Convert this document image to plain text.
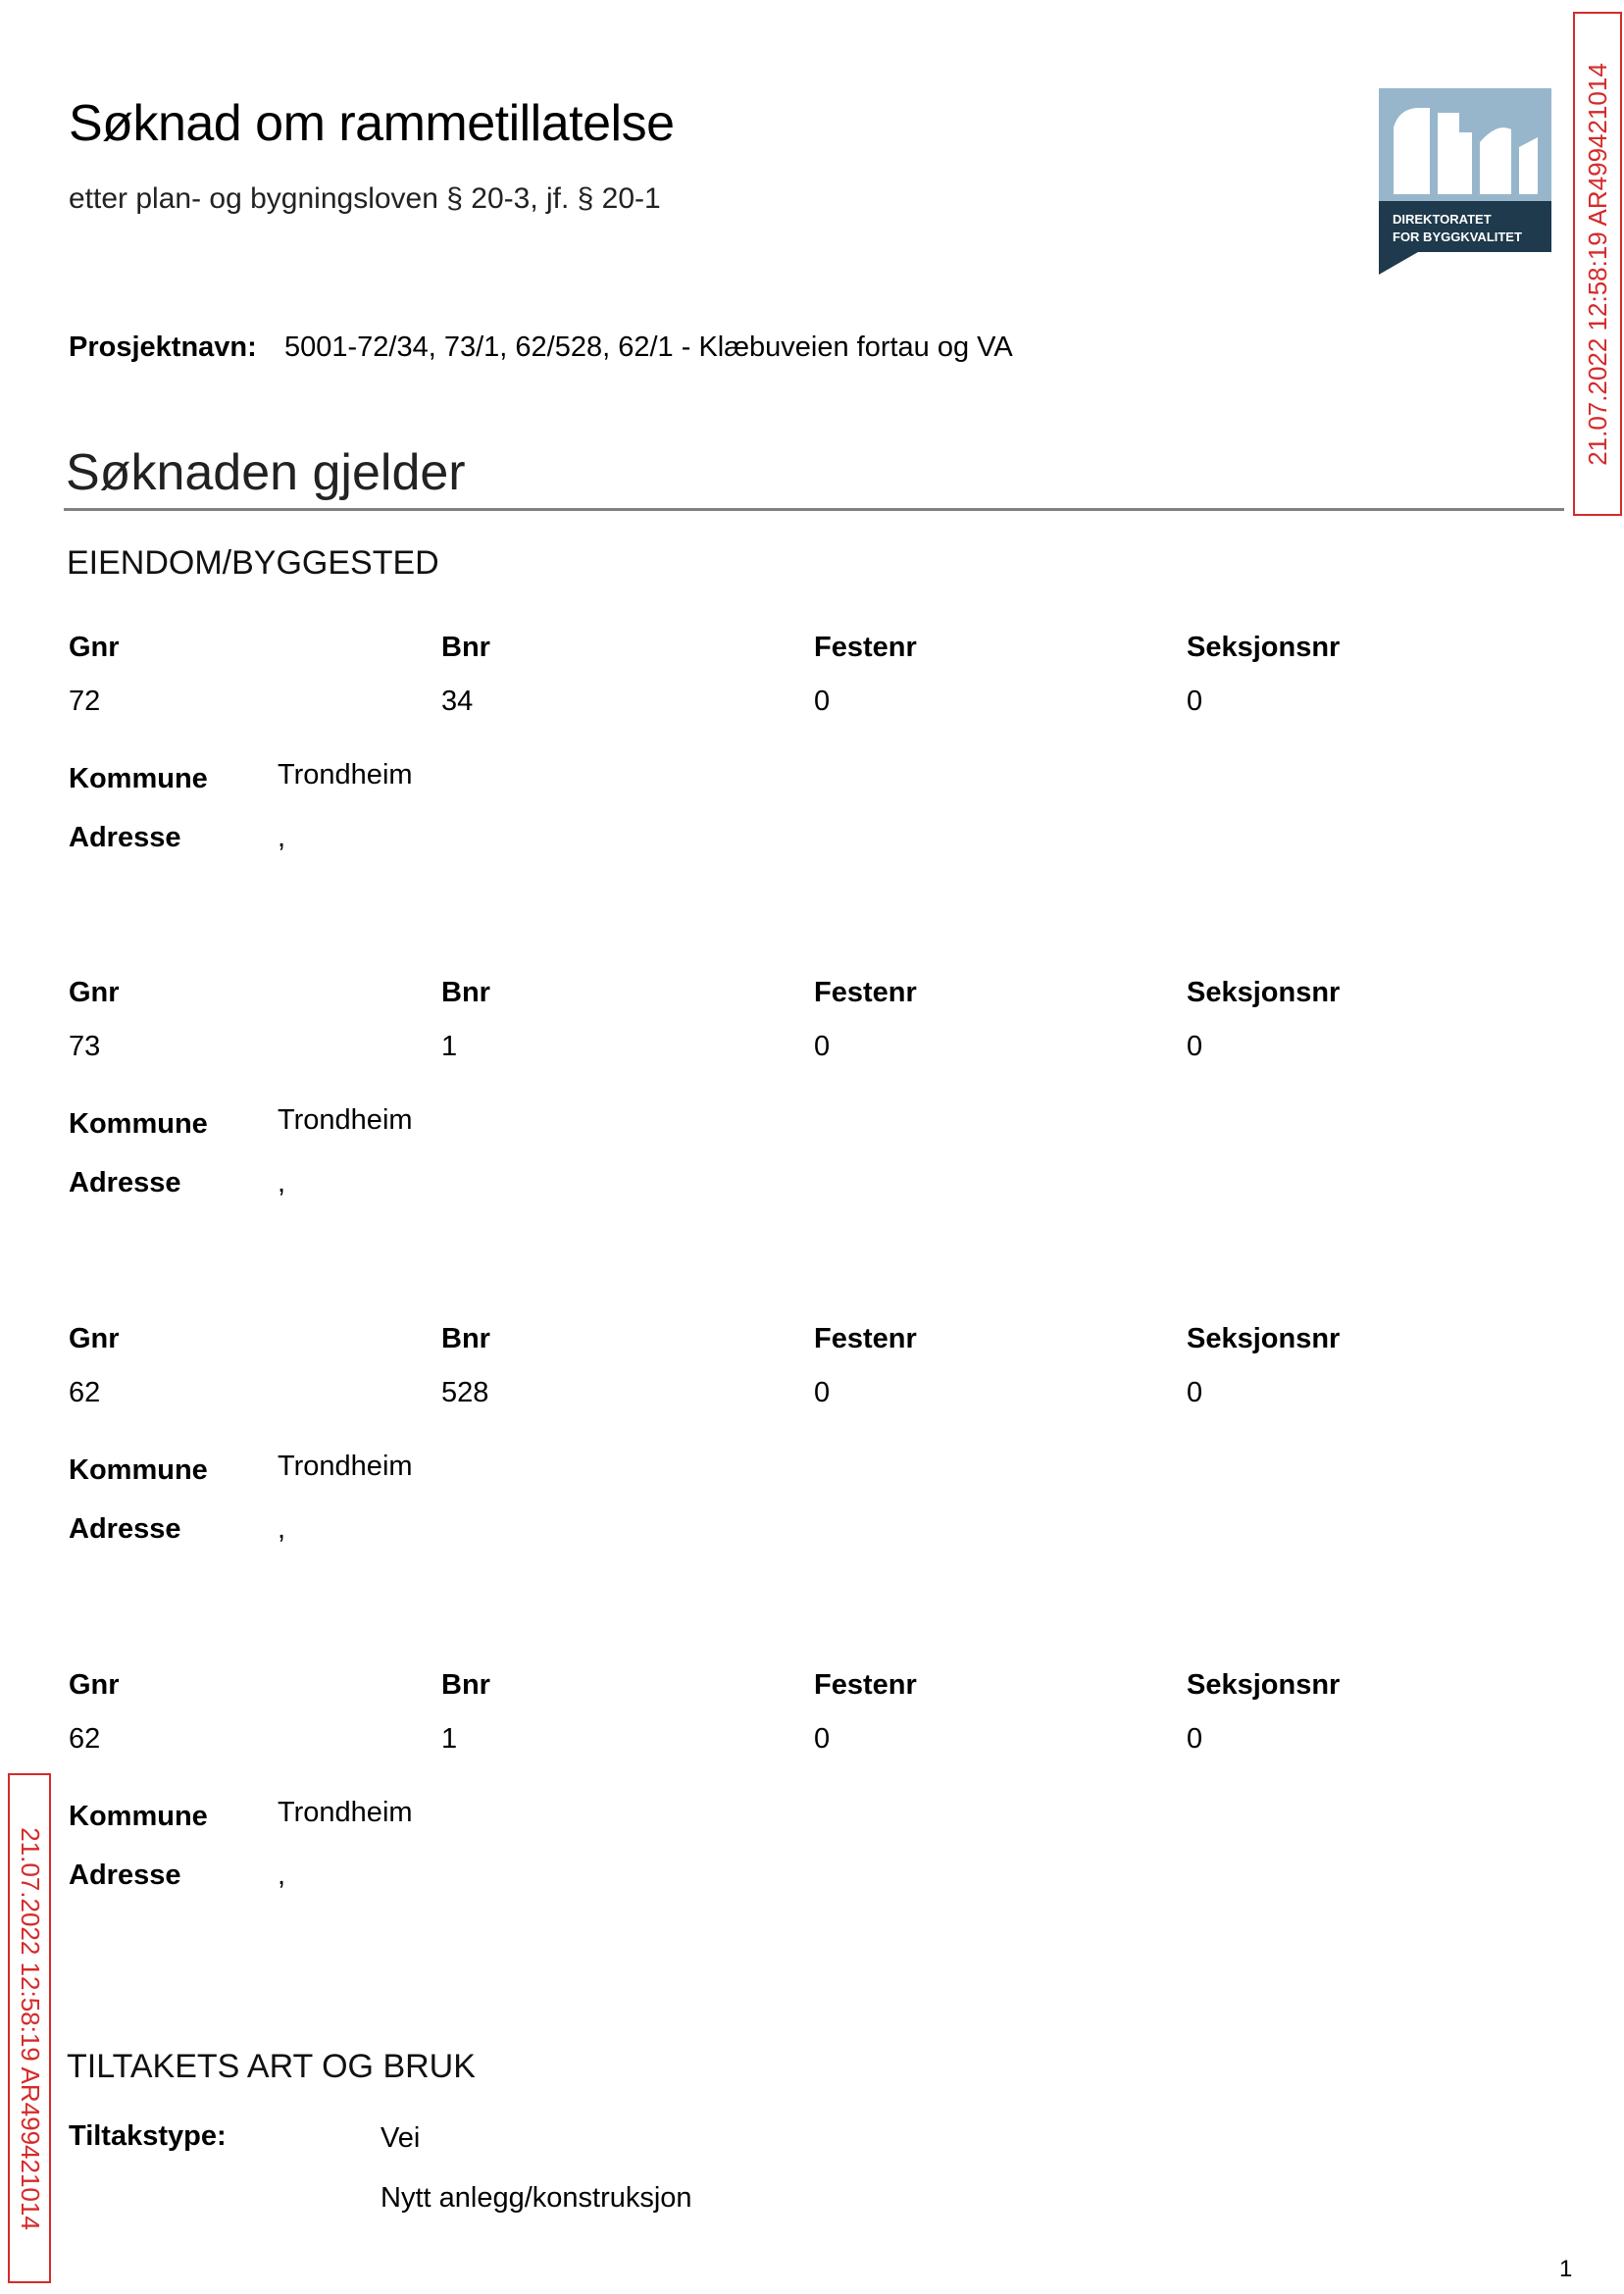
Søknad om rammetillatelse
etter plan- og bygningsloven § 20-3, jf. § 20-1
DIREKTORATET
FOR BYGGKVALITET 21.07.2022 12:58:19 AR499421014
21.07.2022 12:58:19 AR499421014
Prosjektnavn: 5001-72/34, 73/1, 62/528, 62/1 - Klæbuveien fortau og VA
Søknaden gjelder
EIENDOM/BYGGESTED
Gnr	Bnr	Festenr	Seksjonsnr
72	34	0	0
Kommune Trondheim
Adresse	,
Gnr	Bnr	Festenr	Seksjonsnr
73	1	0	0
Kommune Trondheim
Adresse	,
Gnr	Bnr	Festenr	Seksjonsnr
62	528	0	0
Kommune Trondheim
Adresse	,
Gnr	Bnr	Festenr	Seksjonsnr
62	1	0	0
Kommune Trondheim
Adresse	,
TILTAKETS ART OG BRUK
Tiltakstype:	Vei
Nytt anlegg/konstruksjon
1
